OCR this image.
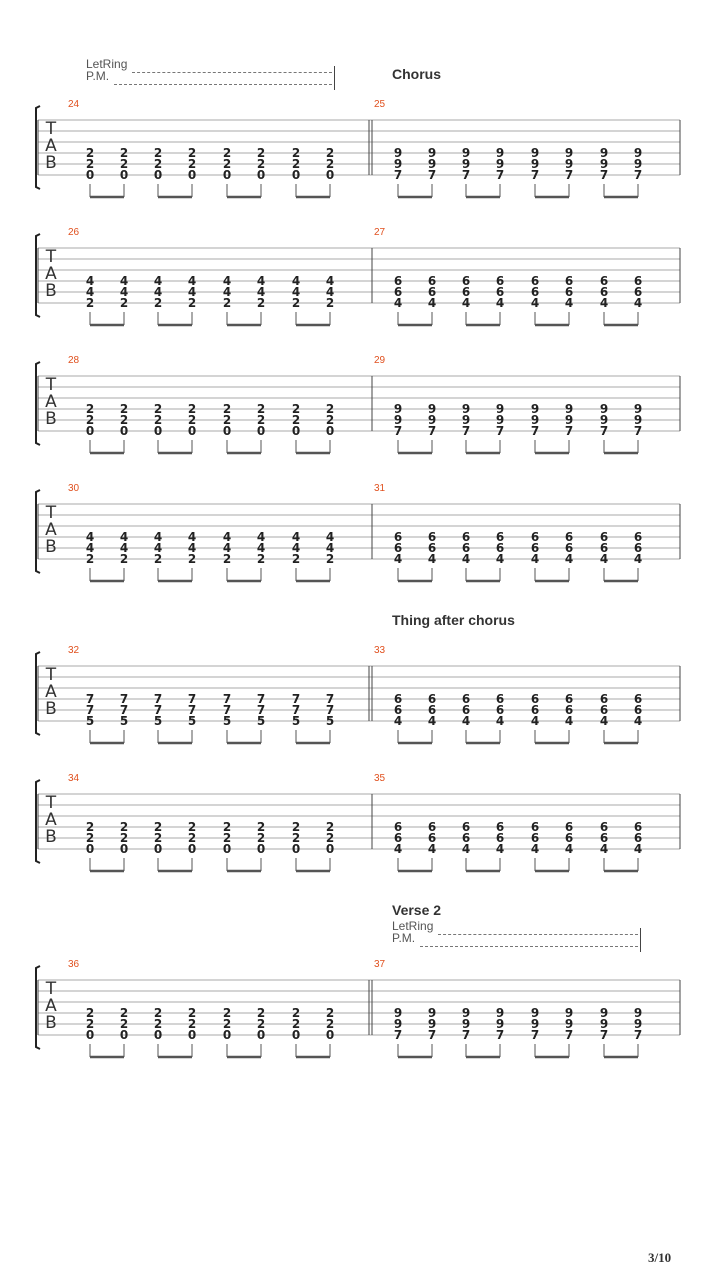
LetRing
P.M.	Chorus
Thing after chorus
Verse 2
LetRing
P.M.
T
A
B
24
2
2
0
2
2
0
2
2
0
2
2
0
2
2
0
2
2
0
2
2
0
2
2
0
25
9
9
7
9
9
7
9
9
7
9
9
7
9
9
7
9
9
7
9
9
7
9
9
7
T
A
B
26
4
4
2
4
4
2
4
4
2
4
4
2
4
4
2
4
4
2
4
4
2
4
4
2
27
6
6
4
6
6
4
6
6
4
6
6
4
6
6
4
6
6
4
6
6
4
6
6
4
T
A
B
28
2
2
0
2
2
0
2
2
0
2
2
0
2
2
0
2
2
0
2
2
0
2
2
0
29
9
9
7
9
9
7
9
9
7
9
9
7
9
9
7
9
9
7
9
9
7
9
9
7
T
A
B
30
4
4
2
4
4
2
4
4
2
4
4
2
4
4
2
4
4
2
4
4
2
4
4
2
31
6
6
4
6
6
4
6
6
4
6
6
4
6
6
4
6
6
4
6
6
4
6
6
4
T
A
B
32
7
7
5
7
7
5
7
7
5
7
7
5
7
7
5
7
7
5
7
7
5
7
7
5
33
6
6
4
6
6
4
6
6
4
6
6
4
6
6
4
6
6
4
6
6
4
6
6
4
T
A
B
34
2
2
0
2
2
0
2
2
0
2
2
0
2
2
0
2
2
0
2
2
0
2
2
0
35
6
6
4
6
6
4
6
6
4
6
6
4
6
6
4
6
6
4
6
6
4
6
6
4
T
A
B
36
2
2
0
2
2
0
2
2
0
2
2
0
2
2
0
2
2
0
2
2
0
2
2
0
37
9
9
7
9
9
7
9
9
7
9
9
7
9
9
7
9
9
7
9
9
7
9
9
7
3/10
